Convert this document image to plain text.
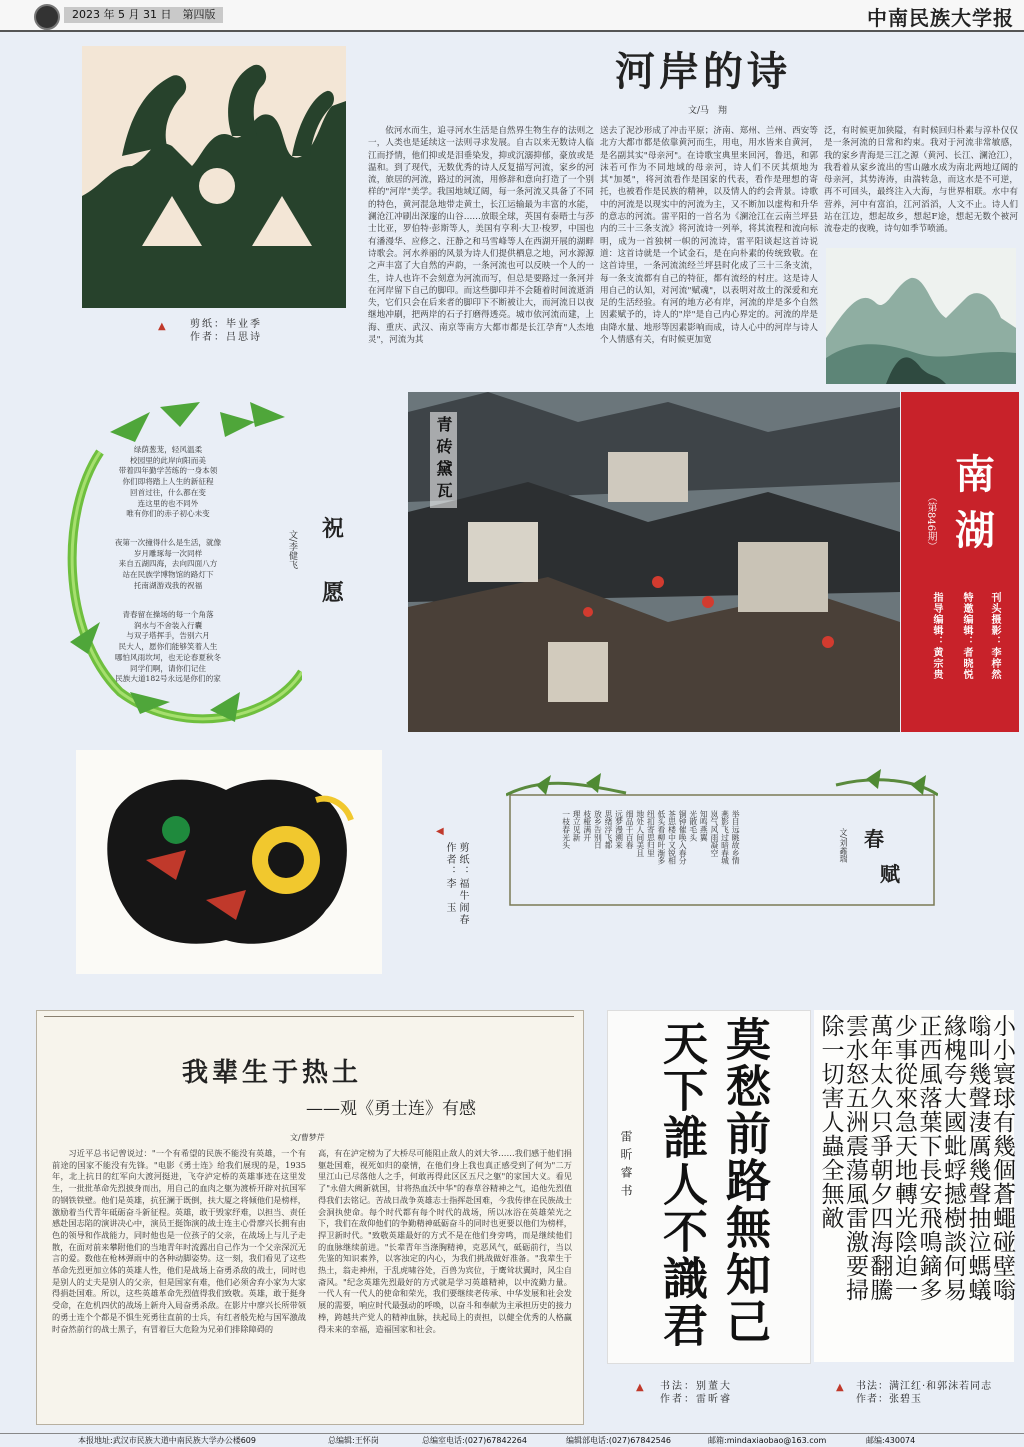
2023 年 5 月 31 日　第四版	中南民族大学报
▲ 剪纸：毕业季
作者：吕思诗
河岸的诗
文/马　翔

依河水而生，追寻河水生活是自然界生物生存的法则之一，人类也是延续这一法则寻求发展。自古以来无数诗人临江而抒情，他们抑或是泪垂染发，抑或沉溺抑郁，豪放或是温和。到了现代，无数优秀的诗人反复描写河流，家乡的河流，旅居的河流，路过的河流，用修辞和意向打造了一个别样的"河岸"美学。我国地域辽阔，每一条河流又具备了不同的特色，黄河混急地带走黄土，长江运输最为丰富的水能，澜沧江冲刷出深邃的山谷……放眼全球，英国有泰晤士与莎士比亚，罗伯特·彭斯等人，美国有亨利·大卫·梭罗，中国也有潘漫华、应修之、汪静之和马雪峰等人在西湖开展的湖畔诗歌会。河水养丽的风景为诗人们提供栖息之地，河水源源之声丰富了大自然的声韵，一条河流也可以反映一个人的一生，诗人也许不会刻意为河流而写，但总是要路过一条河并在河岸留下自己的脚印。而这些脚印并不会随着时间流逝消失，它们只会在后来者的脚印下不断被让大，而河流日以夜继地冲刷，把两岸的石子打磨得透亮。城市依河流而建，上海、重庆、武汉、南京等南方大都市都是长江孕育"人杰地灵"，河流为其

送去了泥沙形成了冲击平原；济南、郑州、兰州、西安等北方大都市都是依靠黄河而生，用电，用水皆来自黄河，是名副其实"母亲河"。在诗歌宝典里来回河，鲁迅，和郭沫若可作为不同地域的母亲河，诗人们不厌其烦地为其"加冕"，将河流看作是国家的代表，看作是理想的寄托，也被看作是民族的精神，以及情人的约会背景。诗歌中的河流是以现实中的河流为主，又不断加以虚构和升华的意志的河流。雷平阳的一首名为《澜沧江在云南兰坪县内的三十三条支流》将河流诗一列举，将其流程和流向标明，成为一首独树一帜的河流诗，雷平阳谈起这首诗说道：这首诗就是一个试金石，是在向朴素的传统致敬。在这首诗里，一条河流流经兰坪县时化成了三十三条支流，每一条支流都有自己的特征，都有流经的村庄。这是诗人用自己的认知，对河流"赋魂"，以表明对故土的深爱和充足的生活经验。有河的地方必有岸，河流的岸是多个自然因素赋予的，诗人的"岸"是自己内心界定的。河流的岸是由降水量、地形等因素影响而成，诗人心中的河岸与诗人个人情感有关，有时候更加宽

泛，有时候更加狭隘，有时候回归朴素与淳朴仅仅是一条河流的日常和约束。我对于河流非常敏感，我的家乡青海是三江之源（黄河、长江、澜沧江），我看着从家乡流出的雪山融水成为南北两地辽阔的母亲河，其势涛涛，由湍转急，而这水是不可逆，再不可回头，最终注入大海，与世界相联。水中有营养，河中有富泊，江河滔滔，人文不止。诗人们站在江边，想起故乡，想起F途，想起无数个被河流卷走的夜晚，诗句如季节喷涌。

绿荫葱茏，轻风温柔
校园里的此岸向阳而美
带着四年勤学苦练的一身本领
你们即将踏上人生的新征程
回首过往，什么都在变
连这里的也不同外
唯有你们的赤子初心未变
夜第一次撞得什么是生活，就像
岁月雕琢每一次同样
来自五湖四海，去向四面八方
站在民族学博物馆的路灯下
托南湖游戏我的祝福
青春留在操场的每一个角落
润水与不舍装入行囊
与双子塔挥手，告别六月
民大人，愿你们能够笑着人生
哪怕风雨坎坷，也无论春夏秋冬
同学们啊，请你们记住
民族大道182号永远是你们的家
祝
愿
文/李健飞
青砖黛瓦	南湖
（第846期）
刊头摄影：李梓然
特邀编辑：者晓悦
指导编辑：黄宗贵
◀
剪纸：福牛闹春
作者：李　玉
春
赋
文/刘鑫瑞
举目远眺故乡情
燕影飞过暗春城
岚气风雨凝空
知鸣燕翼
光散毛头
铜钟催唤入春分
茶思楼中又锐相
低头看柳叶渐多
纽扣寄思归里
地处人间美且
细品千百春
远梦漫溯来
思绪浮飞都
放乡告别日
枝桠满开
理立见新
一枝春光头
我辈生于热土
——观《勇士连》有感
文/曹梦芹

习近平总书记曾说过："一个有希望的民族不能没有英雄，一个有前途的国家不能没有先锋。"电影《勇士连》给我们展现的是，1935年，北上抗日的红军向大渡河挺进，飞夺泸定桥的英雄事迹在这里发生，一批批革命先烈披身而出，用自己的血肉之躯为渡桥开辟对抗国军的钢铁铁壁。他们是英雄，抗狂澜于既倒，扶大厦之将倾他们是榜样，激励着当代青年砥砺奋斗新征程。英雄，敢于毁家纾难，以担当、责任感赴国志陷的演讲决心中，演员王挺饰演的战士连主心骨廖兴长拥有由色的领导和作战能力，同时他也是一位孩子的父亲，在战场上与儿子走散，在面对前来攀附他们的当地青年时流露出自己作为一个父亲深沉无言的爱。数他在枪林弹雨中的各种动脚姿势。这一刻，我们看见了这些革命先烈更加立体的英雄人性，他们是战场上奋勇杀敌的战士，同时也是别人的丈夫是别人的父亲，但是国家有难，他们必须舍弃小家为大家得捐赴国难。所以，这些英雄革命先烈值得我们致敬。英雄，敢于挺身受命，在危机四伏的战场上新舟入局奋勇杀敌。在影片中廖兴长所带领的勇士连个个都是不惧生死勇往直前的士兵，有红者般先枪与国军激战时奋然前行的战士黑子，有冒着巨大危险为兄弟们排除障碍的

高，有在泸定榜为了大桥尽可能阻止敌人的刘大爷……我们感于他们捐躯赴国难，视死如归的豪情，在他们身上我也真正感受到了何为"二万里江山已尽落他人之手，何敢再得此区区五尺之躯"的家国大义。看见了"永借大阙新就国，甘将热血沃中华"的春草谷精神之气，追他先烈值得我们去铭记。苦战日战争英雄志士指挥赴国难，今我传律在民族战士会洞执使命。每个时代都有每个时代的战场，所以冰浴在英雄荣光之下，我们在敌仰他们的争勤精神砥砺奋斗的同时也更要以他们为榜样，捍卫新时代。"致敬英雄最好的方式不是在他们身旁鸣，而是继续他们的血脉继续前进。"长辈青年当涤胸精神，克恶风气，砥砺前行，当以先鉴的知识素养，以客浊定的内心，为我们挑战做好准备。"我辈生于热土，翁走神州，于乱虎啸谷处，百兽为宾位，于鹰耸状翼时，风尘自斋风。"纪念英雄先烈最好的方式就是学习英雄精神，以中流勤力量。一代人有一代人的使命和荣光，我们要继续老传承、中华发展和社会发展的需要，响应时代最强动的呼唤，以奋斗和奉献为主承担历史的接力棒，跨越共产党人的精神血脉，扶起局上的责担，以健全优秀的人格赢得未来的幸福，造福国家和社会。	莫愁前路無知己
天下誰人不識君
雷昕睿书
▲ 书法：别董大
作者：雷昕睿
小小寰球有幾個蒼蠅碰壁嗡
嗡叫幾聲淒厲幾聲抽泣螞蟻
緣槐夸大國蚍蜉撼樹談何易
正西風落葉下長安飛鳴鏑多
少事從來急天地轉光陰迫一
萬年太久只爭朝夕四海翻騰
雲水怒五洲震蕩風雷激要掃
除一切害人蟲全無敵
▲ 书法：满江红·和郭沫若同志
作者：张碧玉
本报地址:武汉市民族大道中南民族大学办公楼609	总编辑:王怀岗	总编室电话:(027)67842264	编辑部电话:(027)67842546	邮箱:mindaxiaobao@163.com	邮编:430074
